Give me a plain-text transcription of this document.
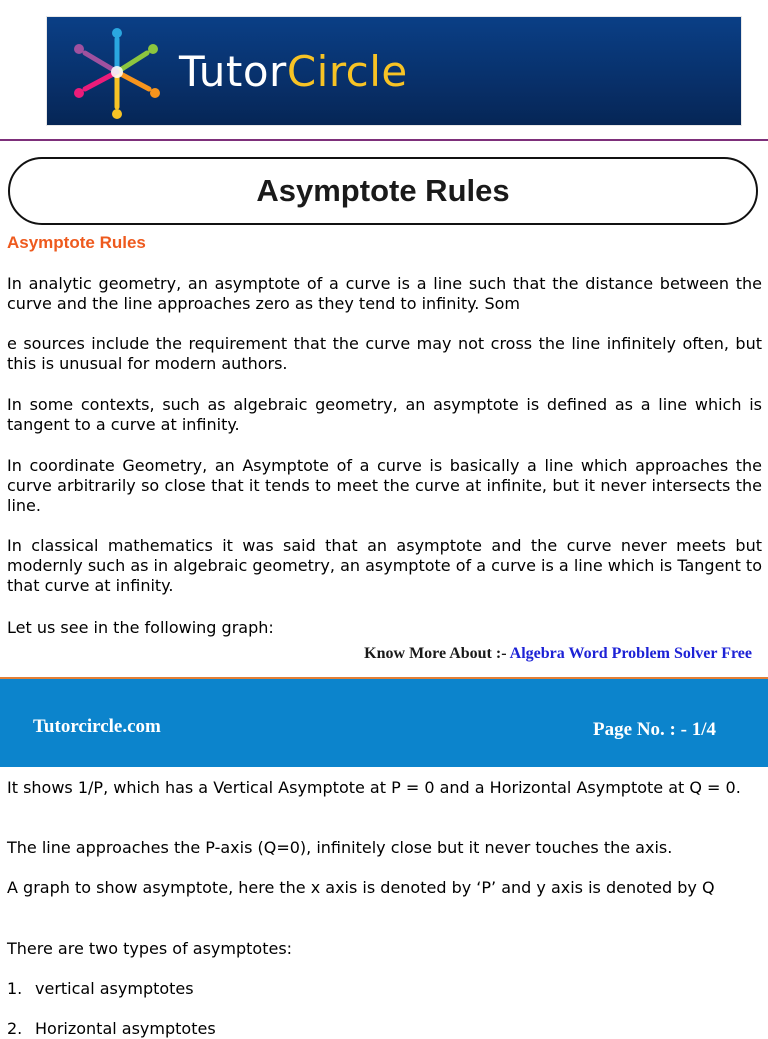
TutorCircle
Asymptote Rules
Asymptote Rules

In analytic geometry, an asymptote of a curve is a line such that the distance between the curve and the line approaches zero as they tend to infinity. Som

e sources include the requirement that the curve may not cross the line infinitely often, but this is unusual for modern authors.

In some contexts, such as algebraic geometry, an asymptote is defined as a line which is tangent to a curve at infinity.

In coordinate Geometry, an Asymptote of a curve is basically a line which approaches the curve arbitrarily so close that it tends to meet the curve at infinite, but it never intersects the line.

In classical mathematics it was said that an asymptote and the curve never meets but modernly such as in algebraic geometry, an asymptote of a curve is a line which is Tangent to that curve at infinity.

Let us see in the following graph:

Know More About :- Algebra Word Problem Solver Free
Tutorcircle.com	Page No. : - 1/4

It shows 1/P, which has a Vertical Asymptote at P = 0 and a Horizontal Asymptote at Q = 0.

The line approaches the P-axis (Q=0), infinitely close but it never touches the axis.

A graph to show asymptote, here the x axis is denoted by ‘P’ and y axis is denoted by Q

There are two types of asymptotes:

1. vertical asymptotes

2. Horizontal asymptotes
